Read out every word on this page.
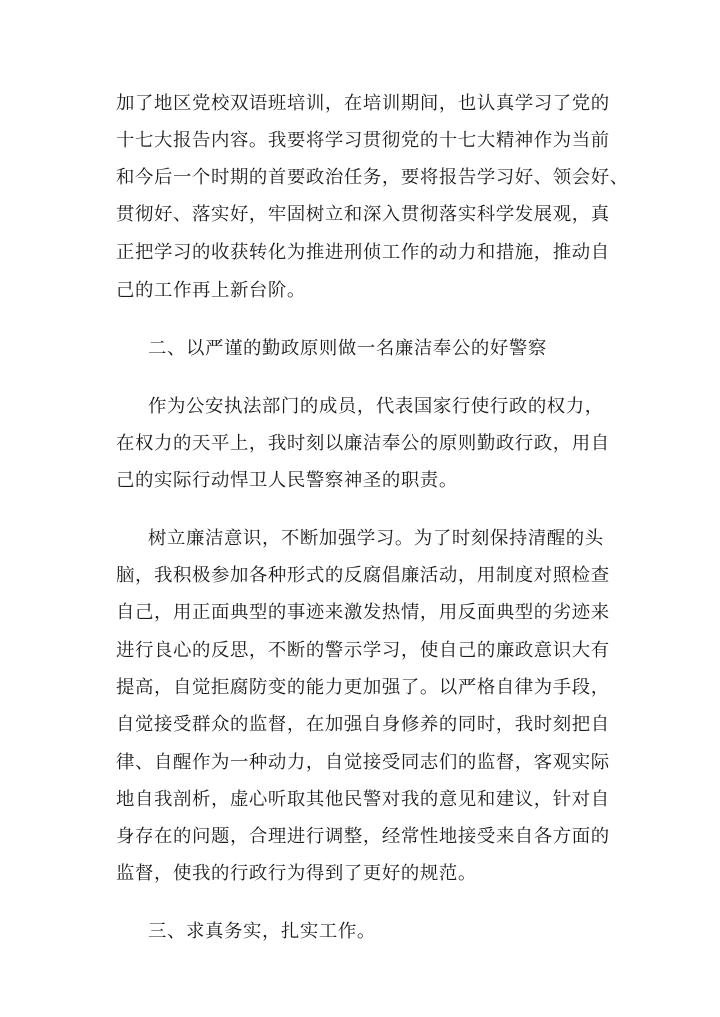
加了地区党校双语班培训，在培训期间，也认真学习了党的
十七大报告内容。我要将学习贯彻党的十七大精神作为当前
和今后一个时期的首要政治任务，要将报告学习好、领会好、
贯彻好、落实好，牢固树立和深入贯彻落实科学发展观，真
正把学习的收获转化为推进刑侦工作的动力和措施，推动自
己的工作再上新台阶。
二、以严谨的勤政原则做一名廉洁奉公的好警察
作为公安执法部门的成员，代表国家行使行政的权力，
在权力的天平上，我时刻以廉洁奉公的原则勤政行政，用自
己的实际行动悍卫人民警察神圣的职责。
树立廉洁意识，不断加强学习。为了时刻保持清醒的头
脑，我积极参加各种形式的反腐倡廉活动，用制度对照检查
自己，用正面典型的事迹来激发热情，用反面典型的劣迹来
进行良心的反思，不断的警示学习，使自己的廉政意识大有
提高，自觉拒腐防变的能力更加强了。以严格自律为手段，
自觉接受群众的监督，在加强自身修养的同时，我时刻把自
律、自醒作为一种动力，自觉接受同志们的监督，客观实际
地自我剖析，虚心听取其他民警对我的意见和建议，针对自
身存在的问题，合理进行调整，经常性地接受来自各方面的
监督，使我的行政行为得到了更好的规范。
三、求真务实，扎实工作。
